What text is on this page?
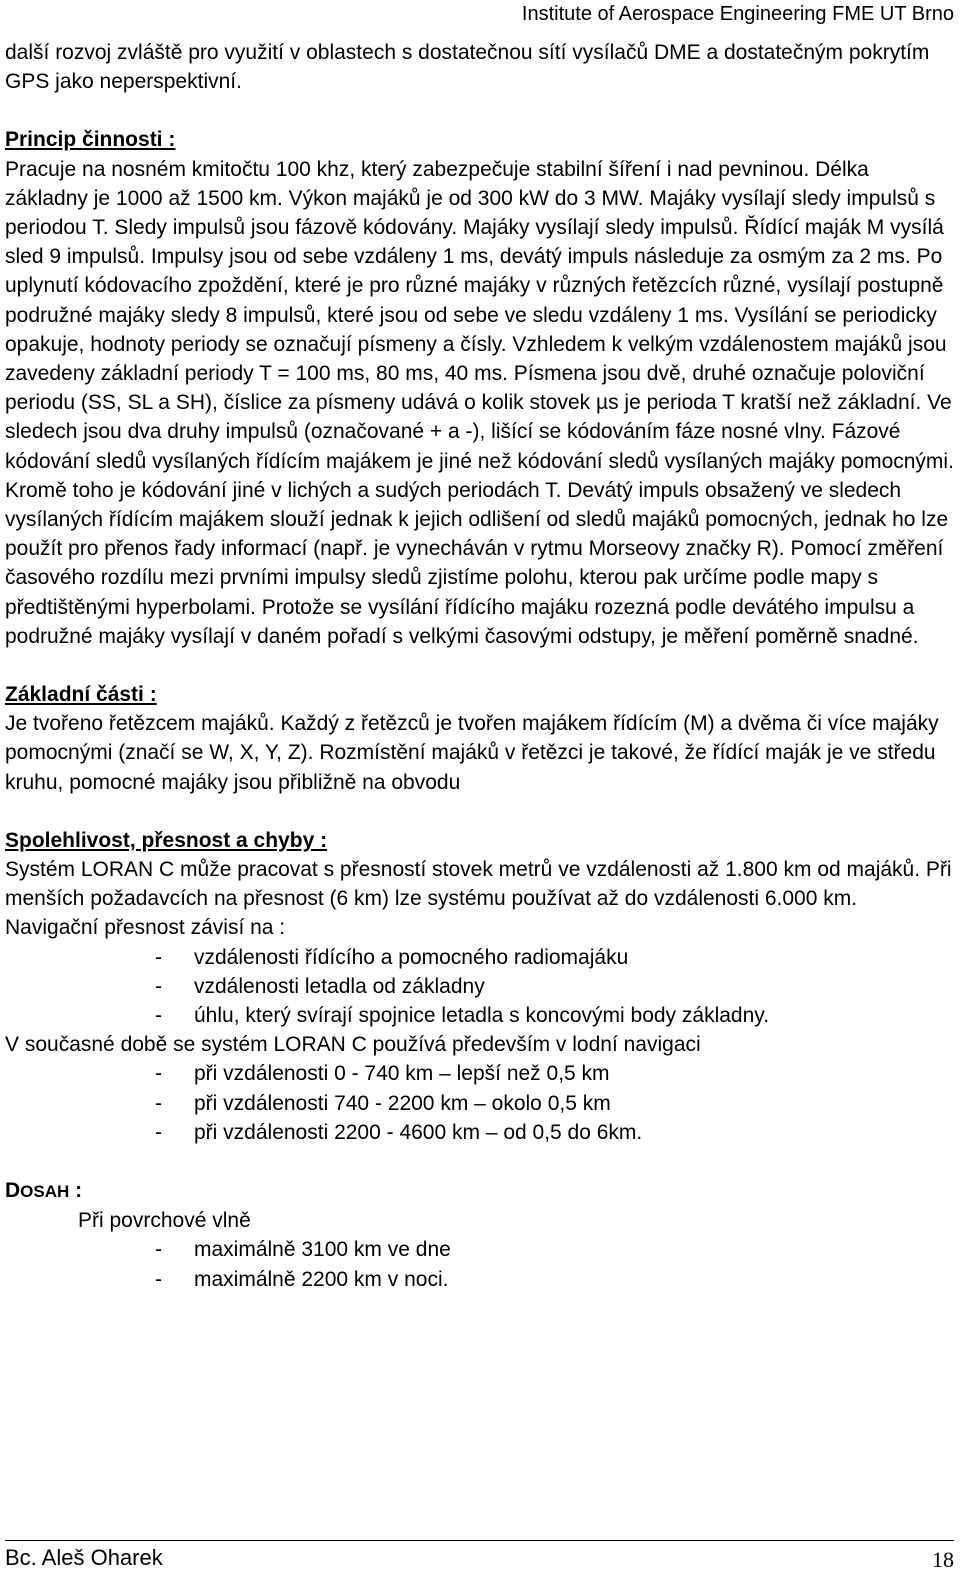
Institute of Aerospace Engineering FME UT Brno

další rozvoj zvláště pro využití v oblastech s dostatečnou sítí vysílačů DME a dostatečným pokrytím GPS jako neperspektivní.

Princip činnosti :

Pracuje na nosném kmitočtu 100 khz, který zabezpečuje stabilní šíření i nad pevninou. Délka základny je 1000 až 1500 km. Výkon majáků je od 300 kW do 3 MW. Majáky vysílají sledy impulsů s periodou T. Sledy impulsů jsou fázově kódovány. Majáky vysílají sledy impulsů. Řídící maják M vysílá sled 9 impulsů. Impulsy jsou od sebe vzdáleny 1 ms, devátý impuls následuje za osmým za 2 ms. Po uplynutí kódovacího zpoždění, které je pro různé majáky v různých řetězcích různé, vysílají postupně podružné majáky sledy 8 impulsů, které jsou od sebe ve sledu vzdáleny 1 ms. Vysílání se periodicky opakuje, hodnoty periody se označují písmeny a čísly. Vzhledem k velkým vzdálenostem majáků jsou zavedeny základní periody T = 100 ms, 80 ms, 40 ms. Písmena jsou dvě, druhé označuje poloviční periodu (SS, SL a SH), číslice za písmeny udává o kolik stovek µs je perioda T kratší než základní. Ve sledech jsou dva druhy impulsů (označované + a -), lišící se kódováním fáze nosné vlny. Fázové kódování sledů vysílaných řídícím majákem je jiné než kódování sledů vysílaných majáky pomocnými. Kromě toho je kódování jiné v lichých a sudých periodách T. Devátý impuls obsažený ve sledech vysílaných řídícím majákem slouží jednak k jejich odlišení od sledů majáků pomocných, jednak ho lze použít pro přenos řady informací (např. je vynecháván v rytmu Morseovy značky R). Pomocí změření časového rozdílu mezi prvními impulsy sledů zjistíme polohu, kterou pak určíme podle mapy s předtištěnými hyperbolami. Protože se vysílání řídícího majáku rozezná podle devátého impulsu a podružné majáky vysílají v daném pořadí s velkými časovými odstupy, je měření poměrně snadné.

Základní části :

Je tvořeno řetězcem majáků. Každý z řetězců je tvořen majákem řídícím (M) a dvěma či více majáky pomocnými (značí se W, X, Y, Z). Rozmístění majáků v řetězci je takové, že řídící maják je ve středu kruhu, pomocné majáky jsou přibližně na obvodu

Spolehlivost, přesnost a chyby :

Systém LORAN C může pracovat s přesností stovek metrů ve vzdálenosti až 1.800 km od majáků. Při menších požadavcích na přesnost (6 km) lze systému používat až do vzdálenosti 6.000 km.

Navigační přesnost závisí na :

- vzdálenosti řídícího a pomocného radiomajáku
- vzdálenosti letadla od základny
- úhlu, který svírají spojnice letadla s koncovými body základny.

V současné době se systém LORAN C používá především v lodní navigaci

- při vzdálenosti 0 - 740 km – lepší než 0,5 km
- při vzdálenosti 740 - 2200 km – okolo 0,5 km
- při vzdálenosti 2200 - 4600 km – od 0,5 do 6km.

DOSAH :

Při povrchové vlně

- maximálně 3100 km ve dne
- maximálně 2200 km v noci.
Bc. Aleš Oharek	18
